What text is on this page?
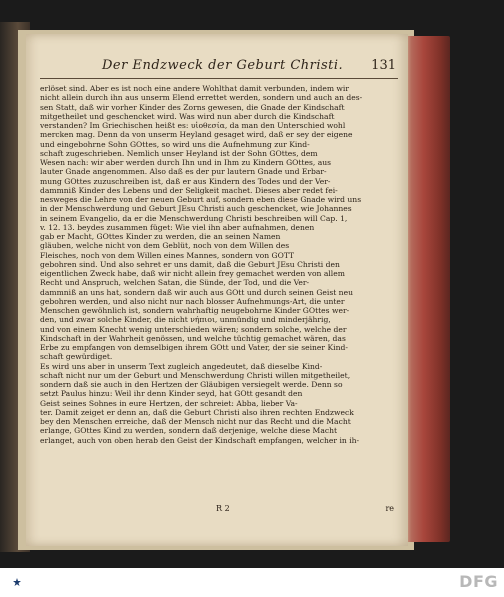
Der Endzweck der Geburt Christi. 131
erlöset sind. Aber es ist noch eine andere Wohlthat damit verbunden, indem wir
nicht allein durch ihn aus unserm Elend errettet werden, sondern und auch an des-
sen Statt, daß wir vorher Kinder des Zorns gewesen, die Gnade der Kindschaft
mitgetheilet und geschencket wird. Was wird nun aber durch die Kindschaft
verstanden? Im Griechischen heißt es: υἱοθεσία, da man den Unterschied wohl
mercken mag. Denn da von unserm Heyland gesaget wird, daß er sey der eigene
und eingebohrne Sohn GOttes, so wird uns die Aufnehmung zur Kind-
schaft zugeschrieben. Nemlich unser Heyland ist der Sohn GOttes, dem
Wesen nach: wir aber werden durch Ihn und in Ihm zu Kindern GOttes, aus
lauter Gnade angenommen. Also daß es der pur lautern Gnade und Erbar-
mung GOttes zuzuschreiben ist, daß er aus Kindern des Todes und der Ver-
dammniß Kinder des Lebens und der Seligkeit machet. Dieses aber redet fei-
nesweges die Lehre von der neuen Geburt auf, sondern eben diese Gnade wird uns
in der Menschwerdung und Geburt JEsu Christi auch geschencket, wie Johannes
in seinem Evangelio, da er die Menschwerdung Christi beschreiben will Cap. 1,
v. 12. 13. beydes zusammen füget: Wie viel ihn aber aufnahmen, denen
gab er Macht, GOttes Kinder zu werden, die an seinen Namen
gläuben, welche nicht von dem Geblüt, noch von dem Willen des
Fleisches, noch von dem Willen eines Mannes, sondern von GOTT
gebohren sind. Und also sehret er uns damit, daß die Geburt JEsu Christi den
eigentlichen Zweck habe, daß wir nicht allein frey gemachet werden von allem
Recht und Anspruch, welchen Satan, die Sünde, der Tod, und die Ver-
dammniß an uns hat, sondern daß wir auch aus GOtt und durch seinen Geist neu
gebohren werden, und also nicht nur nach blosser Aufnehmungs-Art, die unter
Menschen gewöhnlich ist, sondern wahrhaftig neugebohrne Kinder GOttes wer-
den, und zwar solche Kinder, die nicht νήπιοι, unmündig und minderjährig,
und von einem Knecht wenig unterschieden wären; sondern solche, welche der
Kindschaft in der Wahrheit genössen, und welche tüchtig gemachet wären, das
Erbe zu empfangen von demselbigen ihrem GOtt und Vater, der sie seiner Kind-
schaft gewürdiget.
Es wird uns aber in unserm Text zugleich angedeutet, daß dieselbe Kind-
schaft nicht nur um der Geburt und Menschwerdung Christi willen mitgetheilet,
sondern daß sie auch in den Hertzen der Gläubigen versiegelt werde. Denn so
setzt Paulus hinzu: Weil ihr denn Kinder seyd, hat GOtt gesandt den
Geist seines Sohnes in eure Hertzen, der schreiet: Abba, lieber Va-
ter. Damit zeiget er denn an, daß die Geburt Christi also ihren rechten Endzweck
bey den Menschen erreiche, daß der Mensch nicht nur das Recht und die Macht
erlange, GOttes Kind zu werden, sondern daß derjenige, welche diese Macht
erlanget, auch von oben herab den Geist der Kindschaft empfangen, welcher in ih-
R 2	re
DFG
